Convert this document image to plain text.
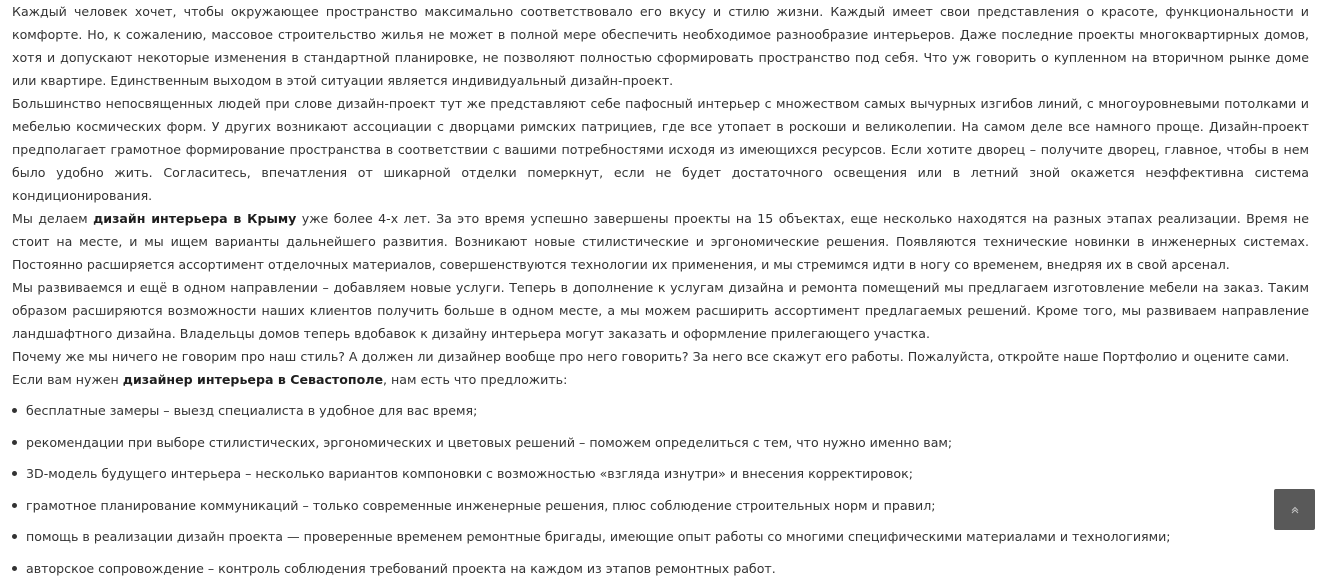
Каждый человек хочет, чтобы окружающее пространство максимально соответствовало его вкусу и стилю жизни. Каждый имеет свои представления о красоте, функциональности и комфорте. Но, к сожалению, массовое строительство жилья не может в полной мере обеспечить необходимое разнообразие интерьеров. Даже последние проекты многоквартирных домов, хотя и допускают некоторые изменения в стандартной планировке, не позволяют полностью сформировать пространство под себя. Что уж говорить о купленном на вторичном рынке доме или квартире. Единственным выходом в этой ситуации является индивидуальный дизайн-проект.

Большинство непосвященных людей при слове дизайн-проект тут же представляют себе пафосный интерьер с множеством самых вычурных изгибов линий, с многоуровневыми потолками и мебелью космических форм. У других возникают ассоциации с дворцами римских патрициев, где все утопает в роскоши и великолепии. На самом деле все намного проще. Дизайн-проект предполагает грамотное формирование пространства в соответствии с вашими потребностями исходя из имеющихся ресурсов. Если хотите дворец – получите дворец, главное, чтобы в нем было удобно жить. Согласитесь, впечатления от шикарной отделки померкнут, если не будет достаточного освещения или в летний зной окажется неэффективна система кондиционирования.

Мы делаем дизайн интерьера в Крыму уже более 4-х лет. За это время успешно завершены проекты на 15 объектах, еще несколько находятся на разных этапах реализации. Время не стоит на месте, и мы ищем варианты дальнейшего развития. Возникают новые стилистические и эргономические решения. Появляются технические новинки в инженерных системах. Постоянно расширяется ассортимент отделочных материалов, совершенствуются технологии их применения, и мы стремимся идти в ногу со временем, внедряя их в свой арсенал.

Мы развиваемся и ещё в одном направлении – добавляем новые услуги. Теперь в дополнение к услугам дизайна и ремонта помещений мы предлагаем изготовление мебели на заказ. Таким образом расширяются возможности наших клиентов получить больше в одном месте, а мы можем расширить ассортимент предлагаемых решений. Кроме того, мы развиваем направление ландшафтного дизайна. Владельцы домов теперь вдобавок к дизайну интерьера могут заказать и оформление прилегающего участка.

Почему же мы ничего не говорим про наш стиль? А должен ли дизайнер вообще про него говорить? За него все скажут его работы. Пожалуйста, откройте наше Портфолио и оцените сами.

Если вам нужен дизайнер интерьера в Севастополе, нам есть что предложить:

бесплатные замеры – выезд специалиста в удобное для вас время;
рекомендации при выборе стилистических, эргономических и цветовых решений – поможем определиться с тем, что нужно именно вам;
3D-модель будущего интерьера – несколько вариантов компоновки с возможностью «взгляда изнутри» и внесения корректировок;
грамотное планирование коммуникаций – только современные инженерные решения, плюс соблюдение строительных норм и правил;
помощь в реализации дизайн проекта — проверенные временем ремонтные бригады, имеющие опыт работы со многими специфическими материалами и технологиями;
авторское сопровождение – контроль соблюдения требований проекта на каждом из этапов ремонтных работ.
